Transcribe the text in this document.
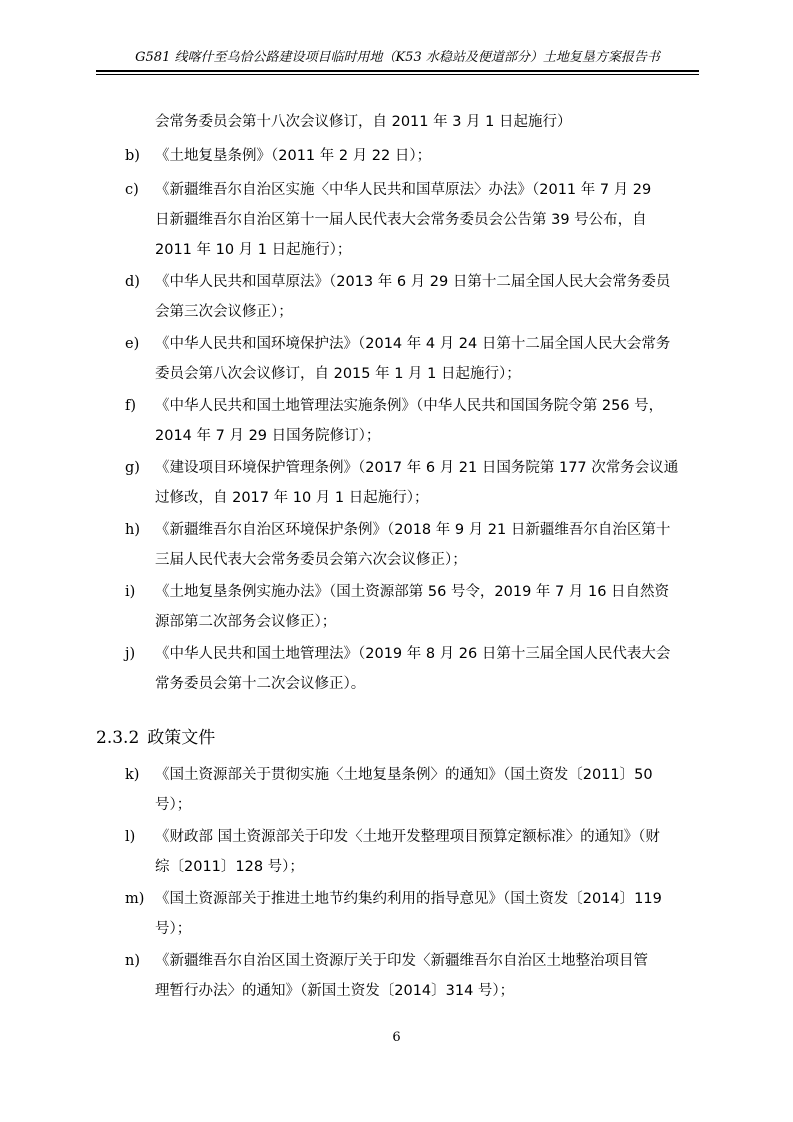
G581 线喀什至乌恰公路建设项目临时用地（K53 水稳站及便道部分）土地复垦方案报告书
会常务委员会第十八次会议修订，自 2011 年 3 月 1 日起施行）
b) 《土地复垦条例》（2011 年 2 月 22 日）；
c) 《新疆维吾尔自治区实施〈中华人民共和国草原法〉办法》（2011 年 7 月 29
日新疆维吾尔自治区第十一届人民代表大会常务委员会公告第 39 号公布，自
2011 年 10 月 1 日起施行）；
d) 《中华人民共和国草原法》（2013 年 6 月 29 日第十二届全国人民大会常务委员
会第三次会议修正）；
e) 《中华人民共和国环境保护法》（2014 年 4 月 24 日第十二届全国人民大会常务
委员会第八次会议修订，自 2015 年 1 月 1 日起施行）；
f) 《中华人民共和国土地管理法实施条例》（中华人民共和国国务院令第 256 号，
2014 年 7 月 29 日国务院修订）；
g) 《建设项目环境保护管理条例》（2017 年 6 月 21 日国务院第 177 次常务会议通
过修改，自 2017 年 10 月 1 日起施行）；
h) 《新疆维吾尔自治区环境保护条例》（2018 年 9 月 21 日新疆维吾尔自治区第十
三届人民代表大会常务委员会第六次会议修正）；
i) 《土地复垦条例实施办法》（国土资源部第 56 号令，2019 年 7 月 16 日自然资
源部第二次部务会议修正）；
j) 《中华人民共和国土地管理法》（2019 年 8 月 26 日第十三届全国人民代表大会
常务委员会第十二次会议修正）。
2.3.2 政策文件
k) 《国土资源部关于贯彻实施〈土地复垦条例〉的通知》（国土资发〔2011〕50
号）；
l) 《财政部 国土资源部关于印发〈土地开发整理项目预算定额标准〉的通知》（财
综〔2011〕128 号）；
m) 《国土资源部关于推进土地节约集约利用的指导意见》（国土资发〔2014〕119
号）；
n) 《新疆维吾尔自治区国土资源厅关于印发〈新疆维吾尔自治区土地整治项目管
理暂行办法〉的通知》（新国土资发〔2014〕314 号）；
6
